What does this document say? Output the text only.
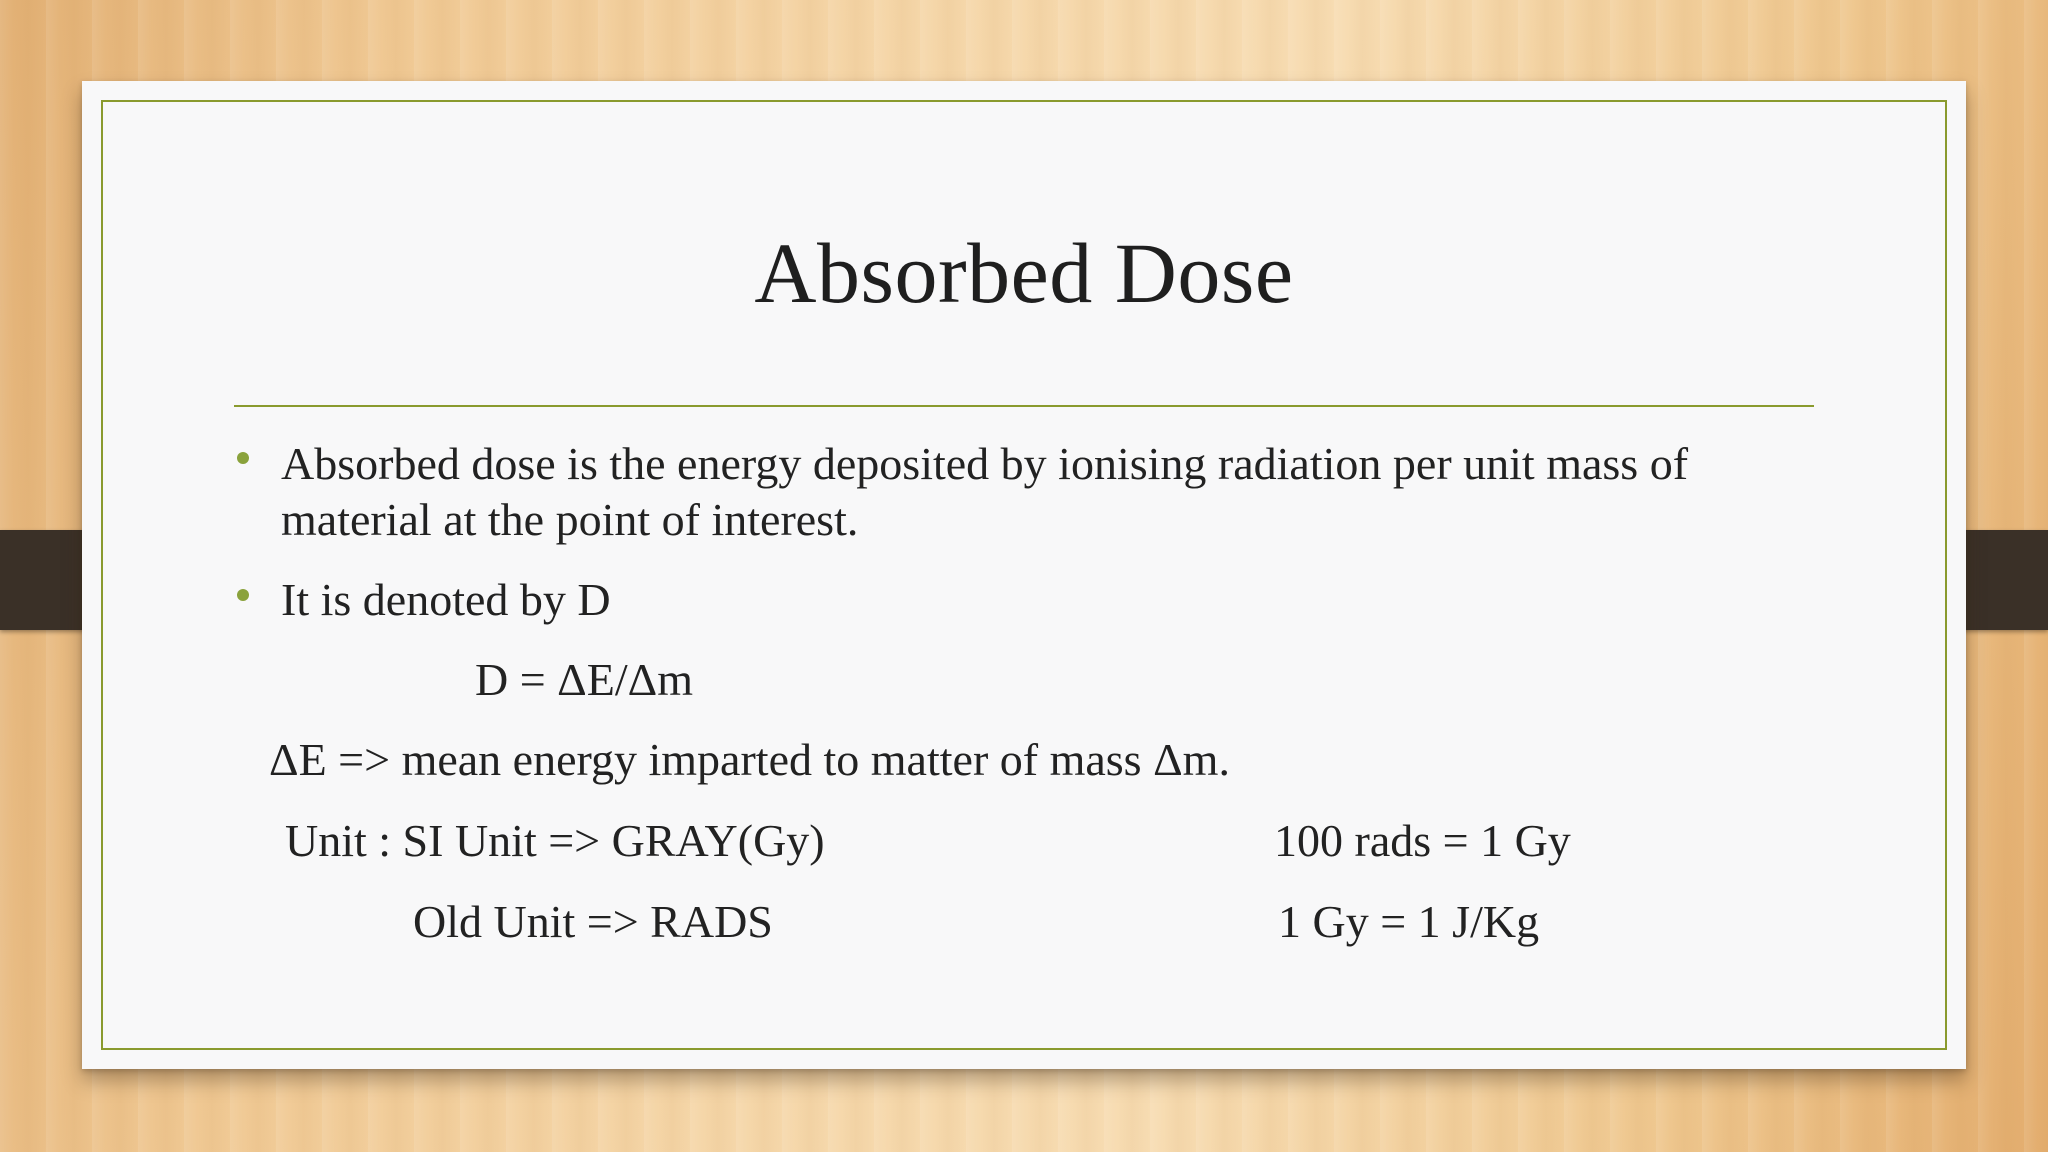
Absorbed Dose
Absorbed dose is the energy deposited by ionising radiation per unit mass of
material at the point of interest.
It is denoted by D
D = ΔE/Δm
ΔE => mean energy imparted to matter of mass Δm.
Unit : SI Unit => GRAY(Gy)	100 rads = 1 Gy
Old Unit => RADS	1 Gy = 1 J/Kg
